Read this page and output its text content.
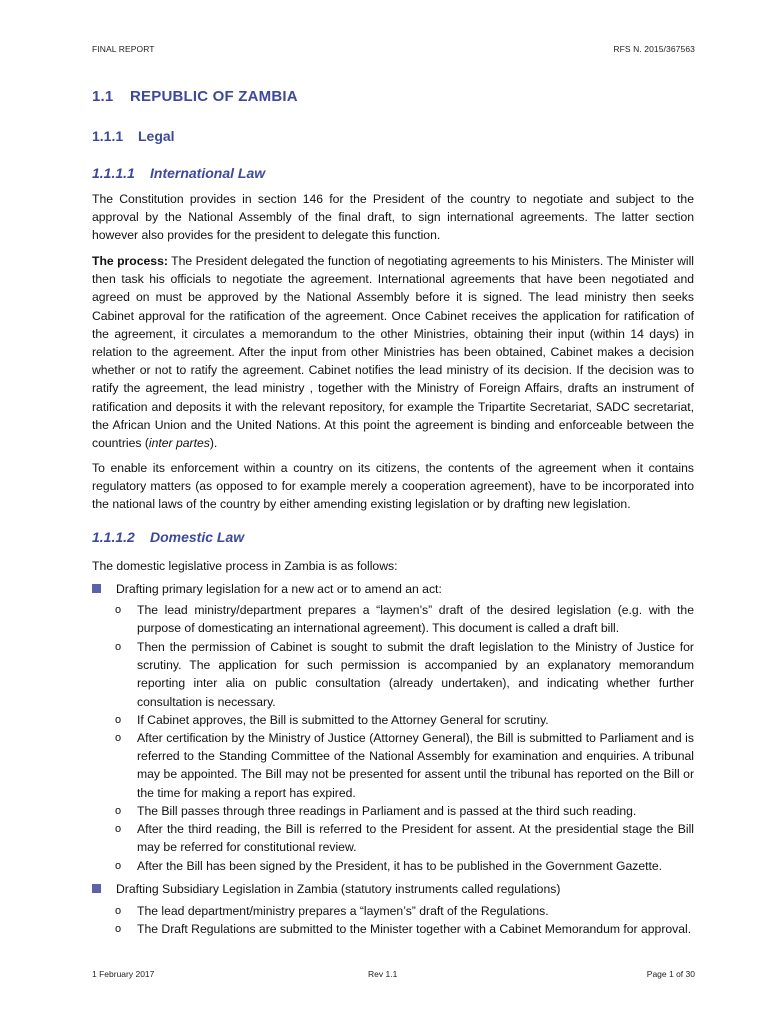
FINAL REPORT	RFS N. 2015/367563
1.1 REPUBLIC OF ZAMBIA
1.1.1 Legal
1.1.1.1 International Law
The Constitution provides in section 146 for the President of the country to negotiate and subject to the approval by the National Assembly of the final draft, to sign international agreements. The latter section however also provides for the president to delegate this function.
The process: The President delegated the function of negotiating agreements to his Ministers. The Minister will then task his officials to negotiate the agreement. International agreements that have been negotiated and agreed on must be approved by the National Assembly before it is signed. The lead ministry then seeks Cabinet approval for the ratification of the agreement. Once Cabinet receives the application for ratification of the agreement, it circulates a memorandum to the other Ministries, obtaining their input (within 14 days) in relation to the agreement. After the input from other Ministries has been obtained, Cabinet makes a decision whether or not to ratify the agreement. Cabinet notifies the lead ministry of its decision. If the decision was to ratify the agreement, the lead ministry , together with the Ministry of Foreign Affairs, drafts an instrument of ratification and deposits it with the relevant repository, for example the Tripartite Secretariat, SADC secretariat, the African Union and the United Nations. At this point the agreement is binding and enforceable between the countries (inter partes).
To enable its enforcement within a country on its citizens, the contents of the agreement when it contains regulatory matters (as opposed to for example merely a cooperation agreement), have to be incorporated into the national laws of the country by either amending existing legislation or by drafting new legislation.
1.1.1.2 Domestic Law
The domestic legislative process in Zambia is as follows:
Drafting primary legislation for a new act or to amend an act:
o The lead ministry/department prepares a “laymen’s” draft of the desired legislation (e.g. with the purpose of domesticating an international agreement). This document is called a draft bill.
o Then the permission of Cabinet is sought to submit the draft legislation to the Ministry of Justice for scrutiny. The application for such permission is accompanied by an explanatory memorandum reporting inter alia on public consultation (already undertaken), and indicating whether further consultation is necessary.
o If Cabinet approves, the Bill is submitted to the Attorney General for scrutiny.
o After certification by the Ministry of Justice (Attorney General), the Bill is submitted to Parliament and is referred to the Standing Committee of the National Assembly for examination and enquiries. A tribunal may be appointed. The Bill may not be presented for assent until the tribunal has reported on the Bill or the time for making a report has expired.
o The Bill passes through three readings in Parliament and is passed at the third such reading.
o After the third reading, the Bill is referred to the President for assent. At the presidential stage the Bill may be referred for constitutional review.
o After the Bill has been signed by the President, it has to be published in the Government Gazette.
Drafting Subsidiary Legislation in Zambia (statutory instruments called regulations)
o The lead department/ministry prepares a “laymen’s” draft of the Regulations.
o The Draft Regulations are submitted to the Minister together with a Cabinet Memorandum for approval.
1 February 2017	Rev 1.1	Page 1 of 30
